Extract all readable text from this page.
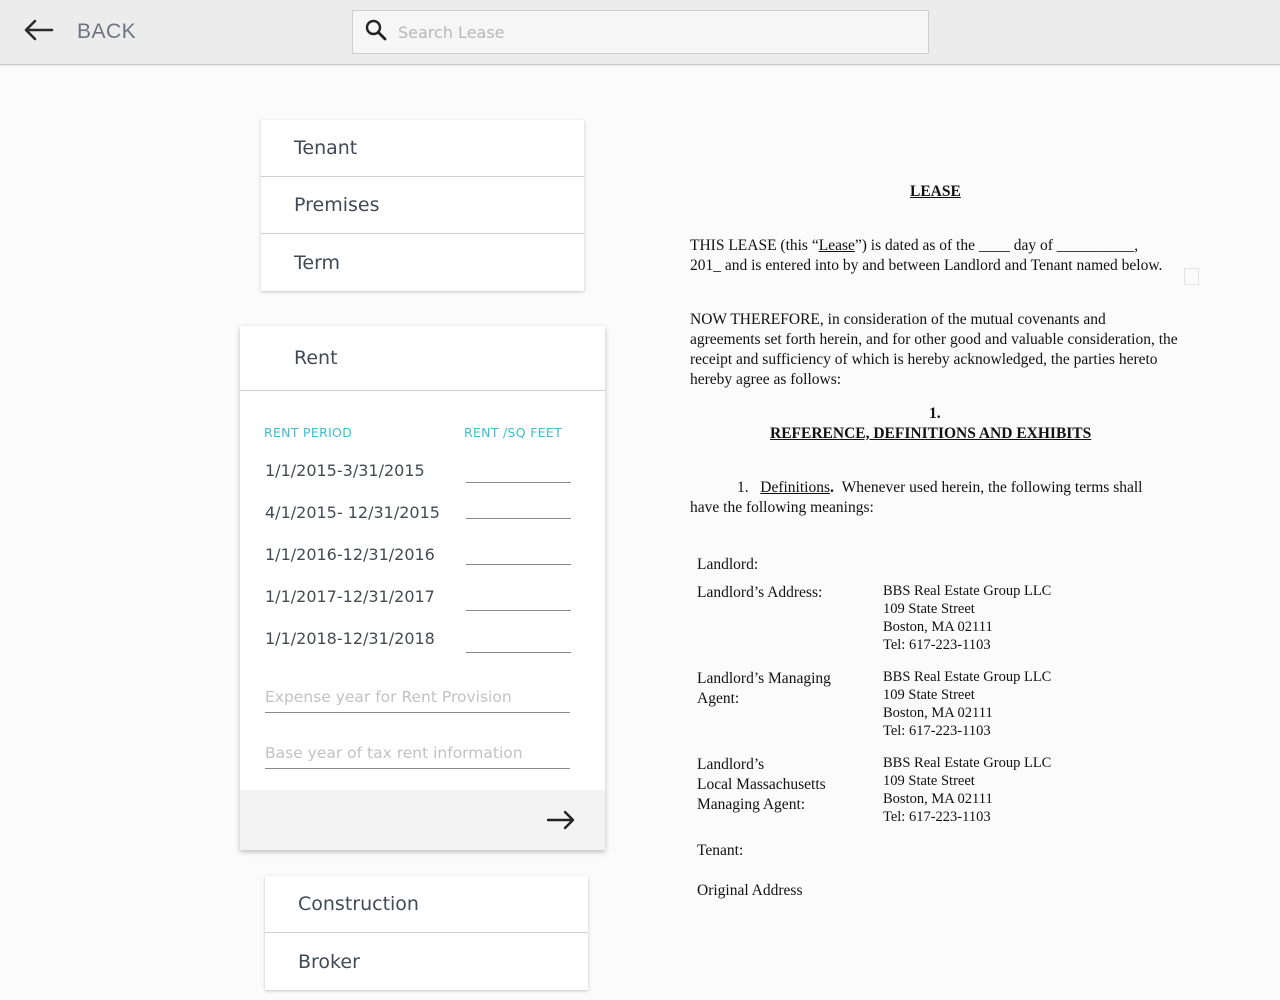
BACK
Search Lease
Tenant
Premises
Term
Rent
RENT PERIOD	RENT /SQ FEET
1/1/2015-3/31/2015
4/1/2015- 12/31/2015
1/1/2016-12/31/2016
1/1/2017-12/31/2017
1/1/2018-12/31/2018
Expense year for Rent Provision
Base year of tax rent information
Construction
Broker
LEASE
THIS LEASE (this “Lease”) is dated as of the ____ day of __________,
201_ and is entered into by and between Landlord and Tenant named below.
NOW THEREFORE, in consideration of the mutual covenants and agreements set forth herein, and for other good and valuable consideration, the receipt and sufficiency of which is hereby acknowledged, the parties hereto hereby agree as follows:
1.
REFERENCE, DEFINITIONS AND EXHIBITS
1. Definitions. Whenever used herein, the following terms shall
have the following meanings:
Landlord:
Landlord’s Address:	BBS Real Estate Group LLC
109 State Street
Boston, MA 02111
Tel: 617-223-1103
Landlord’s Managing
Agent:
BBS Real Estate Group LLC
109 State Street
Boston, MA 02111
Tel: 617-223-1103
Landlord’s
Local Massachusetts
Managing Agent:
BBS Real Estate Group LLC
109 State Street
Boston, MA 02111
Tel: 617-223-1103
Tenant:
Original Address
